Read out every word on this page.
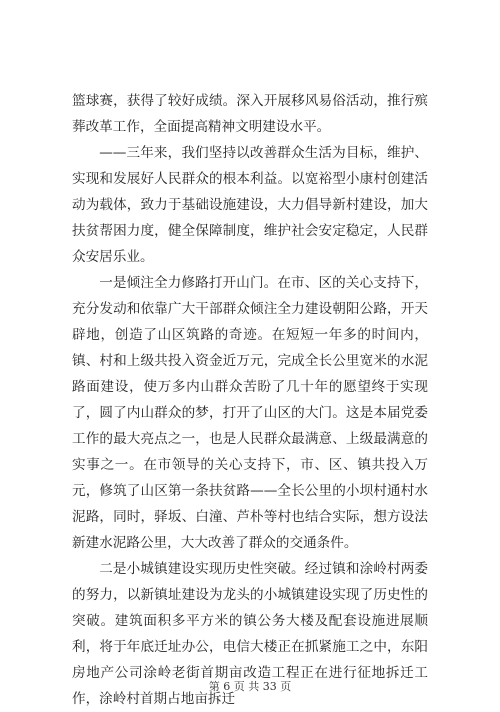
篮球赛，获得了较好成绩。深入开展移风易俗活动，推行殡葬改革工作，全面提高精神文明建设水平。

——三年来，我们坚持以改善群众生活为目标，维护、实现和发展好人民群众的根本利益。以宽裕型小康村创建活动为载体，致力于基础设施建设，大力倡导新村建设，加大扶贫帮困力度，健全保障制度，维护社会安定稳定，人民群众安居乐业。

一是倾注全力修路打开山门。在市、区的关心支持下，充分发动和依靠广大干部群众倾注全力建设朝阳公路，开天辟地，创造了山区筑路的奇迹。在短短一年多的时间内，镇、村和上级共投入资金近万元，完成全长公里宽米的水泥路面建设，使万多内山群众苦盼了几十年的愿望终于实现了，圆了内山群众的梦，打开了山区的大门。这是本届党委工作的最大亮点之一，也是人民群众最满意、上级最满意的实事之一。在市领导的关心支持下，市、区、镇共投入万元，修筑了山区第一条扶贫路——全长公里的小坝村通村水泥路，同时，驿坂、白潼、芦朴等村也结合实际，想方设法新建水泥路公里，大大改善了群众的交通条件。

二是小城镇建设实现历史性突破。经过镇和涂岭村两委的努力，以新镇址建设为龙头的小城镇建设实现了历史性的突破。建筑面积多平方米的镇公务大楼及配套设施进展顺利，将于年底迁址办公，电信大楼正在抓紧施工之中，东阳房地产公司涂岭老街首期亩改造工程正在进行征地拆迁工作，涂岭村首期占地亩拆迁

第 6 页 共 33 页
